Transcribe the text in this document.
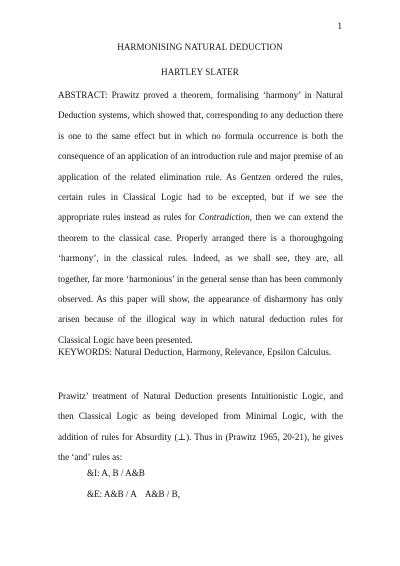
1
HARMONISING NATURAL DEDUCTION
HARTLEY SLATER

ABSTRACT: Prawitz proved a theorem, formalising ‘harmony’ in Natural Deduction systems, which showed that, corresponding to any deduction there is one to the same effect but in which no formula occurrence is both the consequence of an application of an introduction rule and major premise of an application of the related elimination rule. As Gentzen ordered the rules, certain rules in Classical Logic had to be excepted, but if we see the appropriate rules instead as rules for Contradiction, then we can extend the theorem to the classical case. Properly arranged there is a thoroughgoing ‘harmony’, in the classical rules. Indeed, as we shall see, they are, all together, far more ‘harmonious’ in the general sense than has been commonly observed. As this paper will show, the appearance of disharmony has only arisen because of the illogical way in which natural deduction rules for Classical Logic have been presented.

KEYWORDS: Natural Deduction, Harmony, Relevance, Epsilon Calculus.

Prawitz’ treatment of Natural Deduction presents Intuitionistic Logic, and then Classical Logic as being developed from Minimal Logic, with the addition of rules for Absurdity (⊥). Thus in (Prawitz 1965, 20-21), he gives the ‘and’ rules as:

&I: A, B / A&B
&E: A&B / A    A&B / B,
